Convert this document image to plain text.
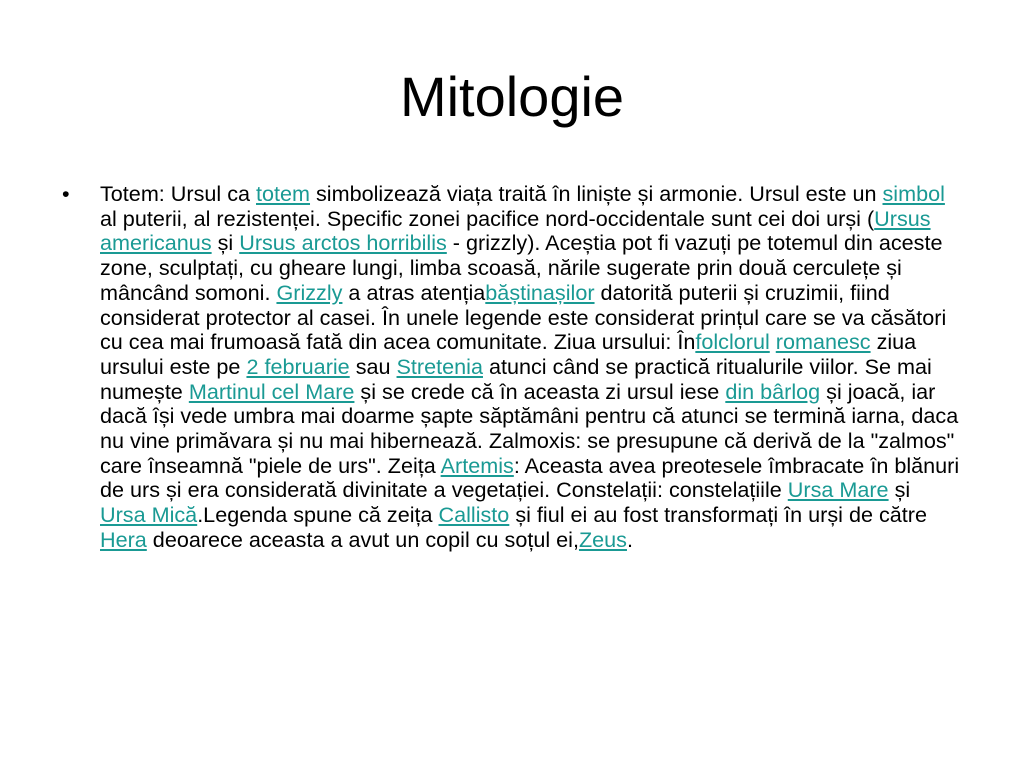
Mitologie

• Totem: Ursul ca totem simbolizează viața traită în liniște și armonie. Ursul este un simbol al puterii, al rezistenței. Specific zonei pacifice nord-occidentale sunt cei doi urși (Ursus americanus și Ursus arctos horribilis - grizzly). Aceștia pot fi vazuți pe totemul din aceste zone, sculptați, cu gheare lungi, limba scoasă, nările sugerate prin două cerculețe și mâncând somoni. Grizzly a atras atențiabăștinașilor datorită puterii și cruzimii, fiind considerat protector al casei. În unele legende este considerat prințul care se va căsători cu cea mai frumoasă fată din acea comunitate. Ziua ursului: Înfolclorul romanesc ziua ursului este pe 2 februarie sau Stretenia atunci când se practică ritualurile viilor. Se mai numește Martinul cel Mare și se crede că în aceasta zi ursul iese din bârlog și joacă, iar dacă își vede umbra mai doarme șapte săptămâni pentru că atunci se termină iarna, daca nu vine primăvara și nu mai hibernează. Zalmoxis: se presupune că derivă de la "zalmos" care înseamnă "piele de urs". Zeița Artemis: Aceasta avea preotesele îmbracate în blănuri de urs și era considerată divinitate a vegetației. Constelații: constelațiile Ursa Mare și Ursa Mică.Legenda spune că zeița Callisto și fiul ei au fost transformați în urși de către Hera deoarece aceasta a avut un copil cu soțul ei,Zeus.
